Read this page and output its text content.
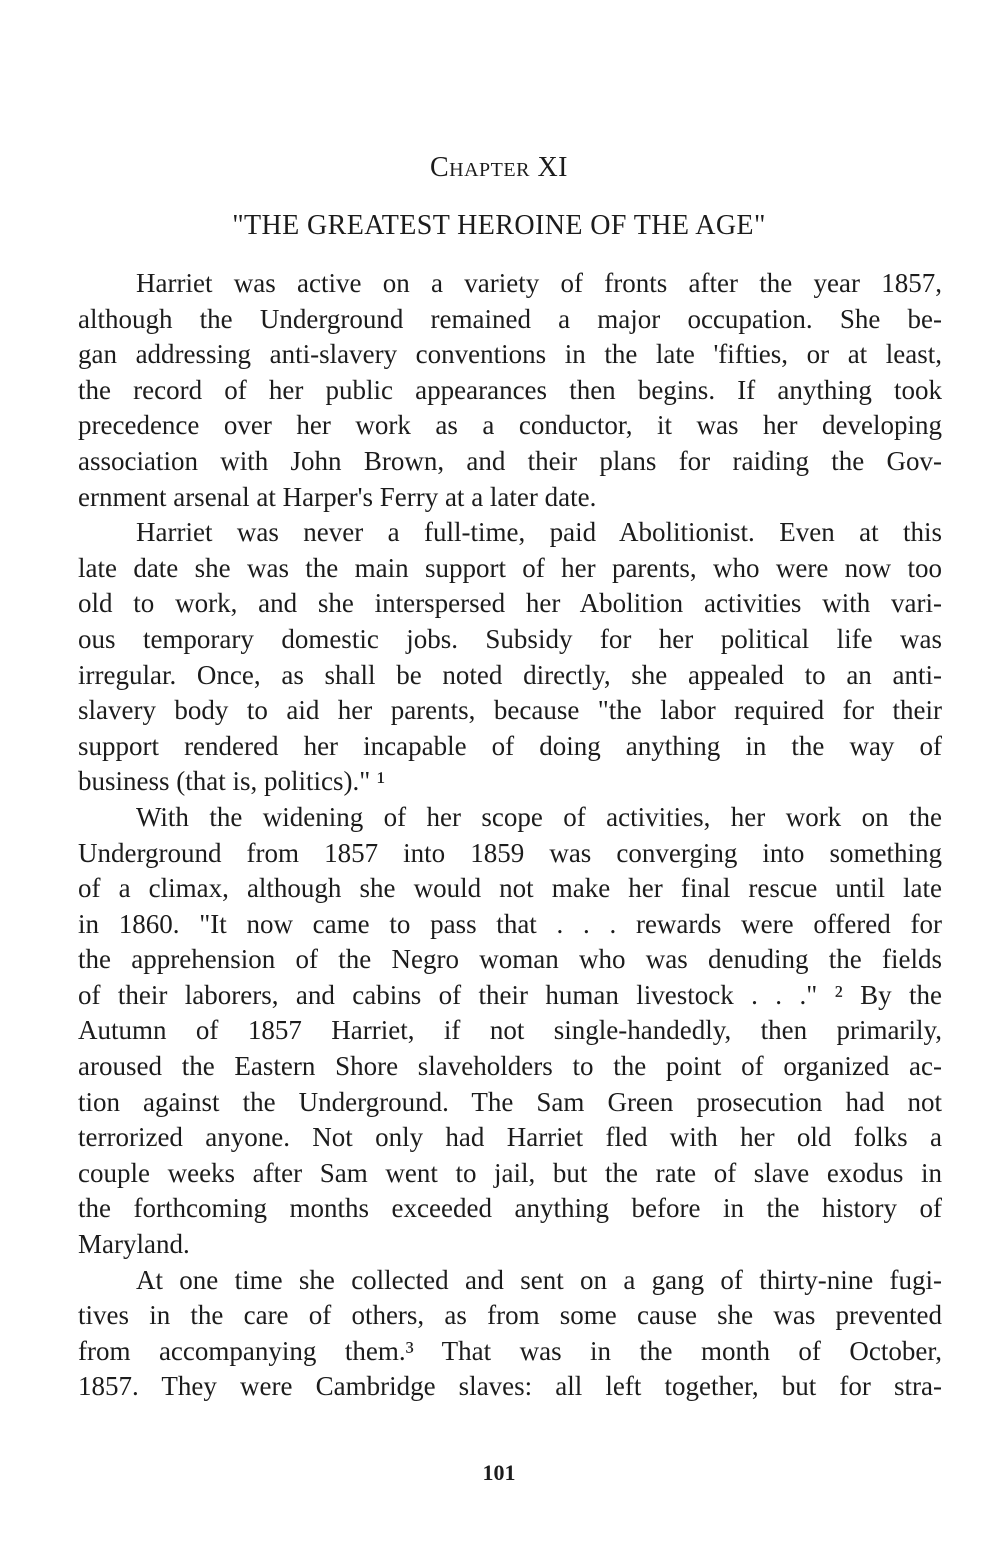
Chapter XI
"THE GREATEST HEROINE OF THE AGE"
Harriet was active on a variety of fronts after the year 1857,
although the Underground remained a major occupation. She be-
gan addressing anti-slavery conventions in the late 'fifties, or at least,
the record of her public appearances then begins. If anything took
precedence over her work as a conductor, it was her developing
association with John Brown, and their plans for raiding the Gov-
ernment arsenal at Harper's Ferry at a later date.
Harriet was never a full-time, paid Abolitionist. Even at this
late date she was the main support of her parents, who were now too
old to work, and she interspersed her Abolition activities with vari-
ous temporary domestic jobs. Subsidy for her political life was
irregular. Once, as shall be noted directly, she appealed to an anti-
slavery body to aid her parents, because "the labor required for their
support rendered her incapable of doing anything in the way of
business (that is, politics)." ¹
With the widening of her scope of activities, her work on the
Underground from 1857 into 1859 was converging into something
of a climax, although she would not make her final rescue until late
in 1860. "It now came to pass that . . . rewards were offered for
the apprehension of the Negro woman who was denuding the fields
of their laborers, and cabins of their human livestock . . ." ² By the
Autumn of 1857 Harriet, if not single-handedly, then primarily,
aroused the Eastern Shore slaveholders to the point of organized ac-
tion against the Underground. The Sam Green prosecution had not
terrorized anyone. Not only had Harriet fled with her old folks a
couple weeks after Sam went to jail, but the rate of slave exodus in
the forthcoming months exceeded anything before in the history of
Maryland.
At one time she collected and sent on a gang of thirty-nine fugi-
tives in the care of others, as from some cause she was prevented
from accompanying them.³ That was in the month of October,
1857. They were Cambridge slaves: all left together, but for stra-
101
